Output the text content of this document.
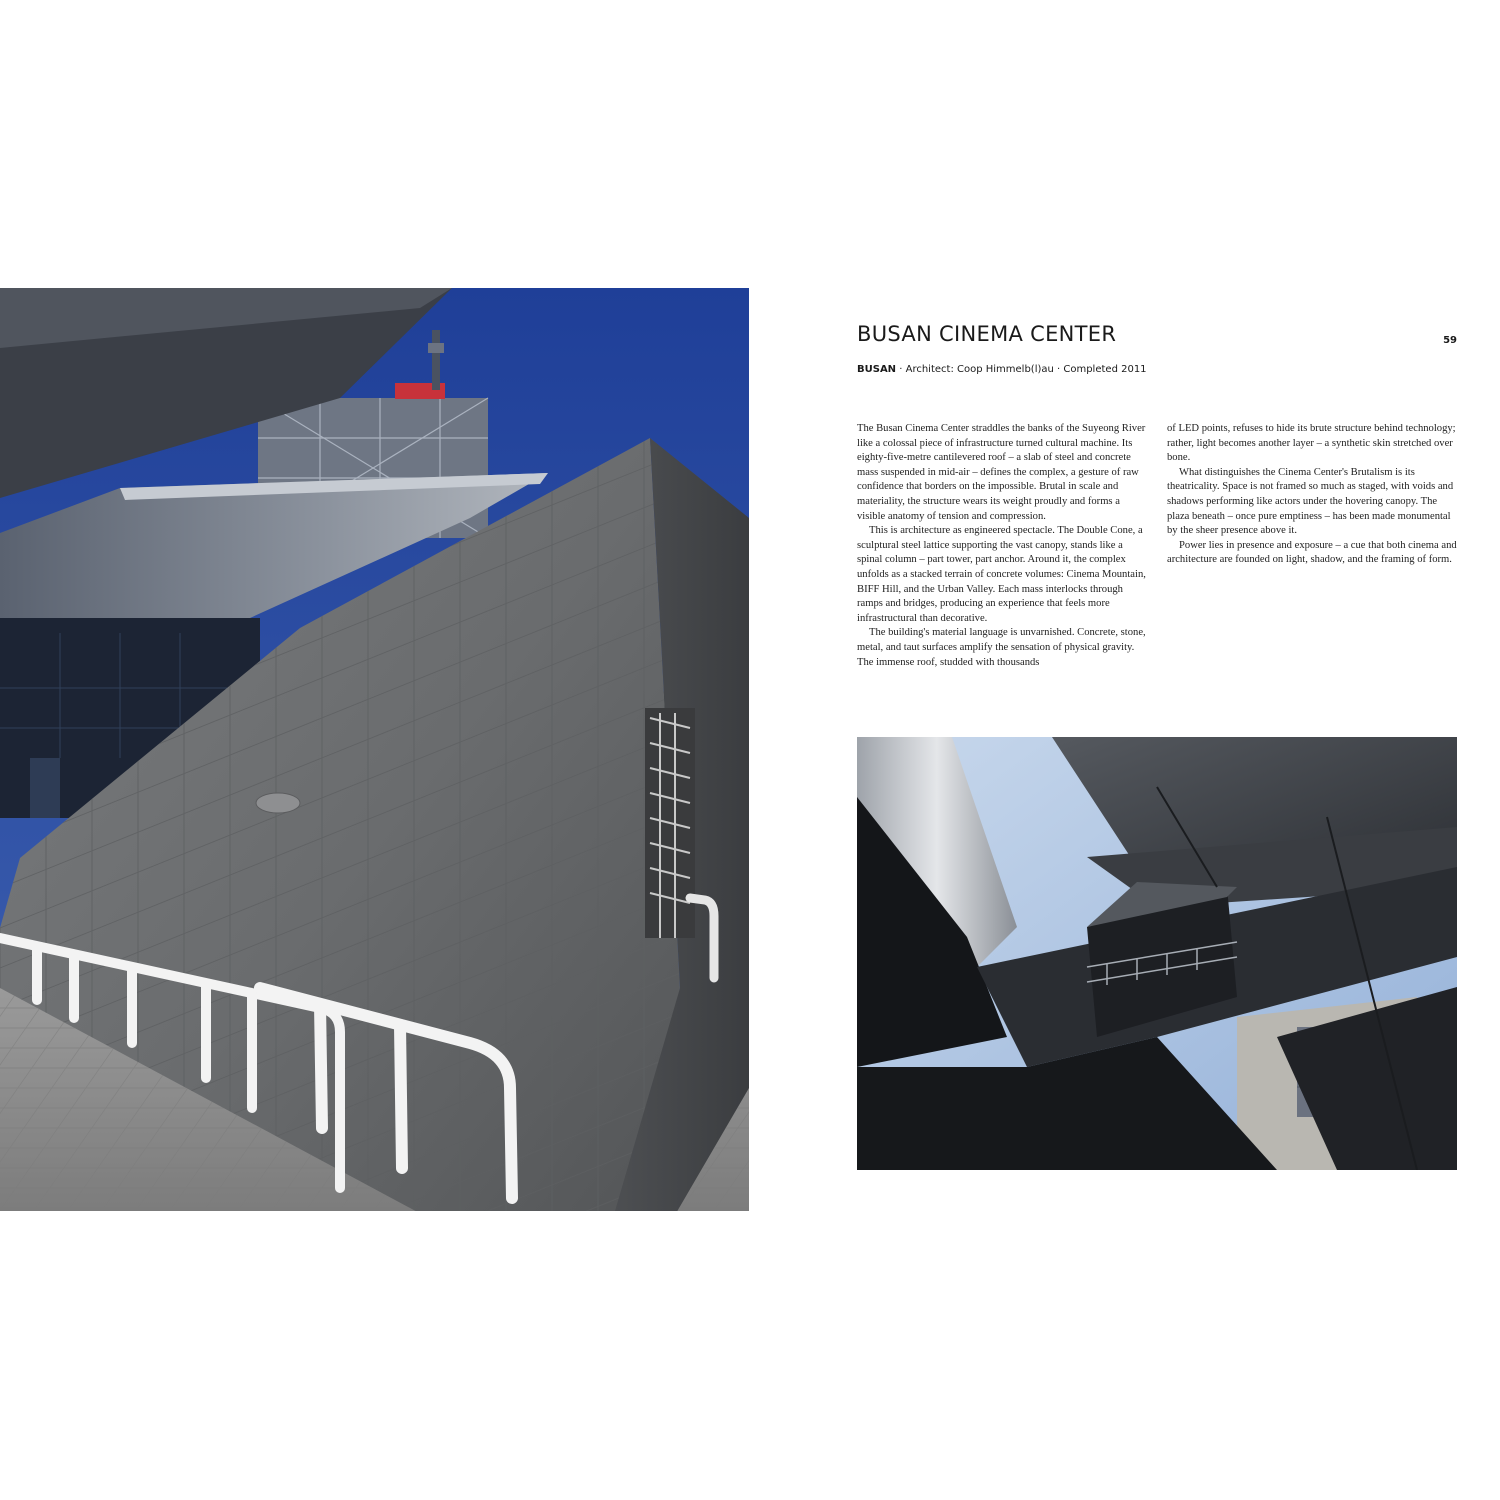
BUSAN CINEMA CENTER	59
BUSAN · Architect: Coop Himmelb(l)au · Completed 2011

The Busan Cinema Center straddles the banks of the Suyeong River like a colossal piece of infrastructure turned cultural machine. Its eighty-five-metre cantilevered roof – a slab of steel and concrete mass suspended in mid-air – defines the complex, a gesture of raw confidence that borders on the impossible. Brutal in scale and materiality, the structure wears its weight proudly and forms a visible anatomy of tension and compression.

This is architecture as engineered spectacle. The Double Cone, a sculptural steel lattice supporting the vast canopy, stands like a spinal column – part tower, part anchor. Around it, the complex unfolds as a stacked terrain of concrete volumes: Cinema Mountain, BIFF Hill, and the Urban Valley. Each mass interlocks through ramps and bridges, producing an experience that feels more infrastructural than decorative.

The building's material language is unvarnished. Concrete, stone, metal, and taut surfaces amplify the sensation of physical gravity. The immense roof, studded with thousands

of LED points, refuses to hide its brute structure behind technology; rather, light becomes another layer – a synthetic skin stretched over bone.

What distinguishes the Cinema Center's Brutalism is its theatricality. Space is not framed so much as staged, with voids and shadows performing like actors under the hovering canopy. The plaza beneath – once pure emptiness – has been made monumental by the sheer presence above it.

Power lies in presence and exposure – a cue that both cinema and architecture are founded on light, shadow, and the framing of form.
